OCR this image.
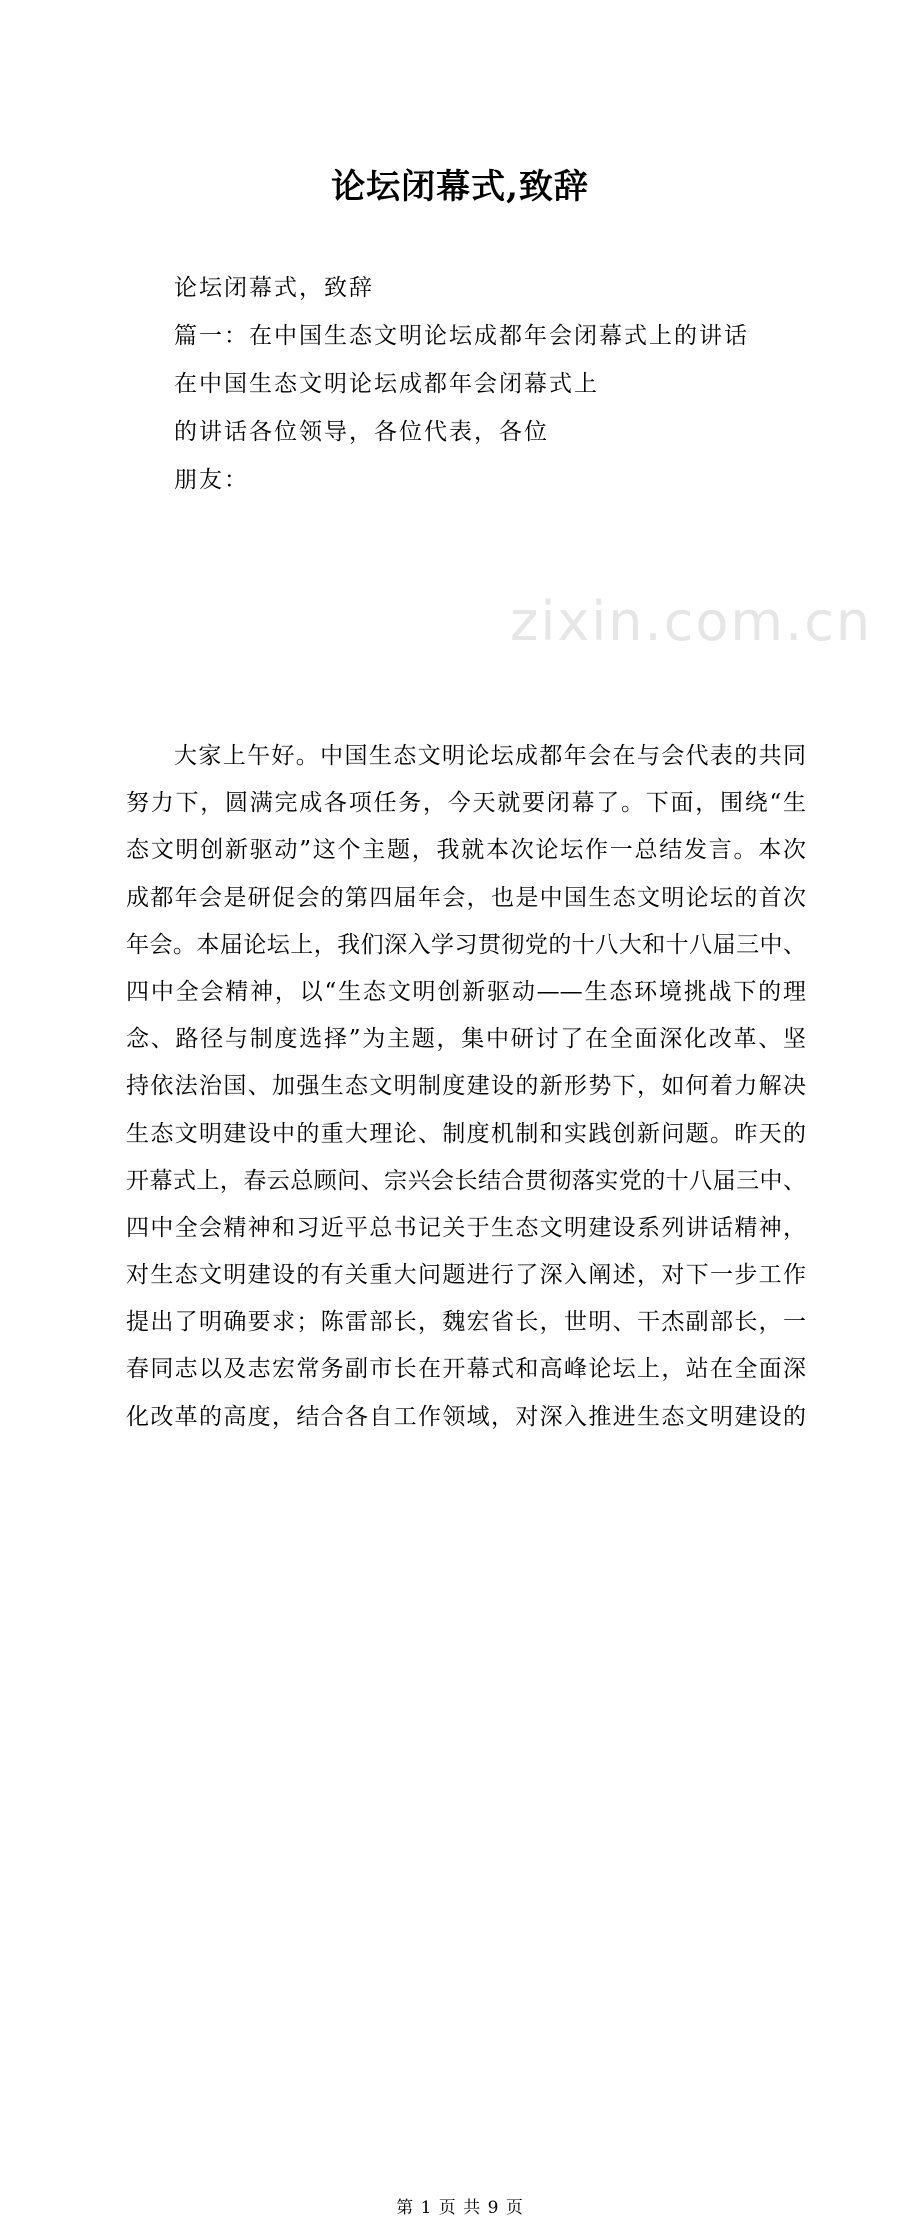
zixin.com.cn
论坛闭幕式,致辞
论坛闭幕式，致辞
篇一：在中国生态文明论坛成都年会闭幕式上的讲话
在中国生态文明论坛成都年会闭幕式上
的讲话各位领导，各位代表，各位
朋友：
大家上午好。中国生态文明论坛成都年会在与会代表的共同
努力下，圆满完成各项任务，今天就要闭幕了。下面，围绕“生
态文明创新驱动”这个主题，我就本次论坛作一总结发言。本次
成都年会是研促会的第四届年会，也是中国生态文明论坛的首次
年会。本届论坛上，我们深入学习贯彻党的十八大和十八届三中、
四中全会精神，以“生态文明创新驱动——生态环境挑战下的理
念、路径与制度选择”为主题，集中研讨了在全面深化改革、坚
持依法治国、加强生态文明制度建设的新形势下，如何着力解决
生态文明建设中的重大理论、制度机制和实践创新问题。昨天的
开幕式上，春云总顾问、宗兴会长结合贯彻落实党的十八届三中、
四中全会精神和习近平总书记关于生态文明建设系列讲话精神，
对生态文明建设的有关重大问题进行了深入阐述，对下一步工作
提出了明确要求；陈雷部长，魏宏省长，世明、干杰副部长，一
春同志以及志宏常务副市长在开幕式和高峰论坛上，站在全面深
化改革的高度，结合各自工作领域，对深入推进生态文明建设的
第 1 页 共 9 页
